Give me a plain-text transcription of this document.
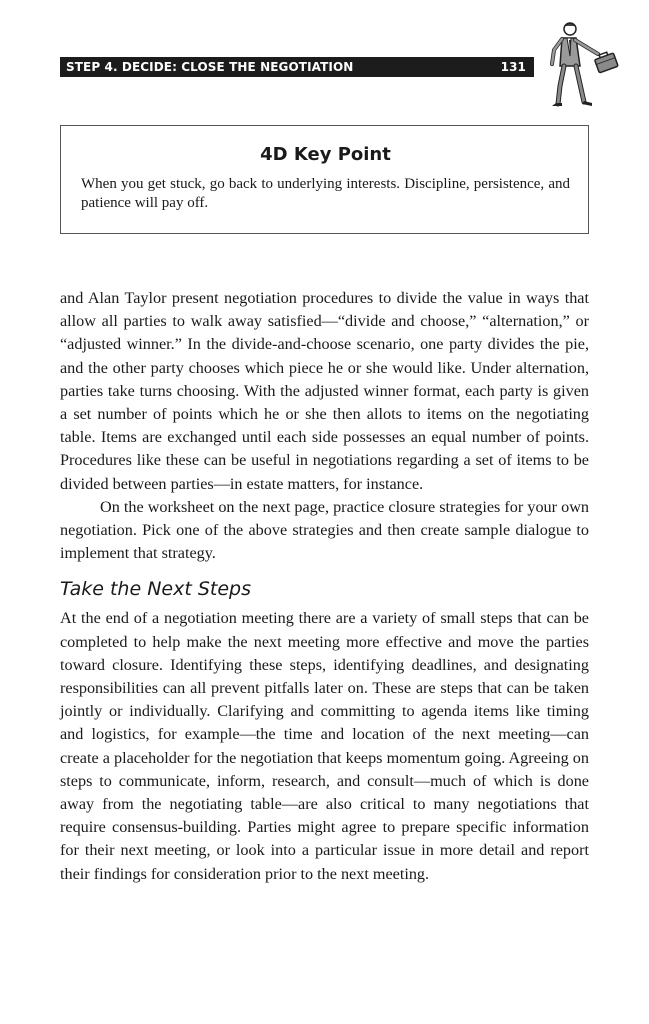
STEP 4. DECIDE: CLOSE THE NEGOTIATION	131
4D Key Point

When you get stuck, go back to underlying interests. Discipline, persistence, and patience will pay off.

and Alan Taylor present negotiation procedures to divide the value in ways that allow all parties to walk away satisfied—“divide and choose,” “alternation,” or “adjusted winner.” In the divide-and-choose scenario, one party divides the pie, and the other party chooses which piece he or she would like. Under alternation, parties take turns choosing. With the adjusted winner format, each party is given a set number of points which he or she then allots to items on the negotiating table. Items are exchanged until each side possesses an equal number of points. Procedures like these can be useful in negotiations regarding a set of items to be divided between parties—in estate matters, for instance.

On the worksheet on the next page, practice closure strategies for your own negotiation. Pick one of the above strategies and then create sample dialogue to implement that strategy.

Take the Next Steps

At the end of a negotiation meeting there are a variety of small steps that can be completed to help make the next meeting more effective and move the parties toward closure. Identifying these steps, identifying deadlines, and designating responsibilities can all prevent pitfalls later on. These are steps that can be taken jointly or individually. Clarifying and committing to agenda items like timing and logistics, for example—the time and location of the next meeting—can create a placeholder for the negotiation that keeps momentum going. Agreeing on steps to communicate, inform, research, and consult—much of which is done away from the negotiating table—are also critical to many negotiations that require consensus-building. Parties might agree to prepare specific information for their next meeting, or look into a particular issue in more detail and report their findings for consideration prior to the next meeting.
